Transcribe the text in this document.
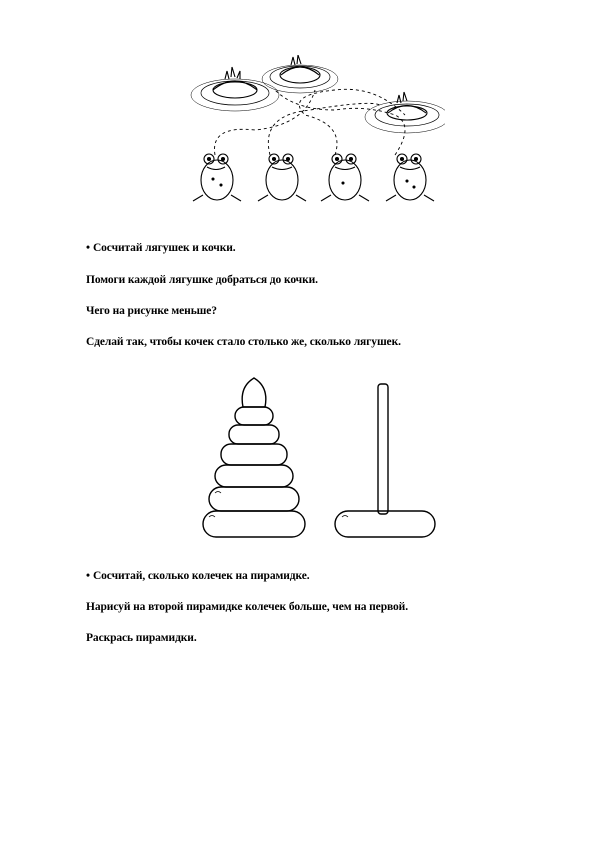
• Сосчитай лягушек и кочки.
Помоги каждой лягушке добраться до кочки.
Чего на рисунке меньше?
Сделай так, чтобы кочек стало столько же, сколько лягушек.
• Сосчитай, сколько колечек на пирамидке.
Нарисуй на второй пирамидке колечек больше, чем на первой.
Раскрась пирамидки.
